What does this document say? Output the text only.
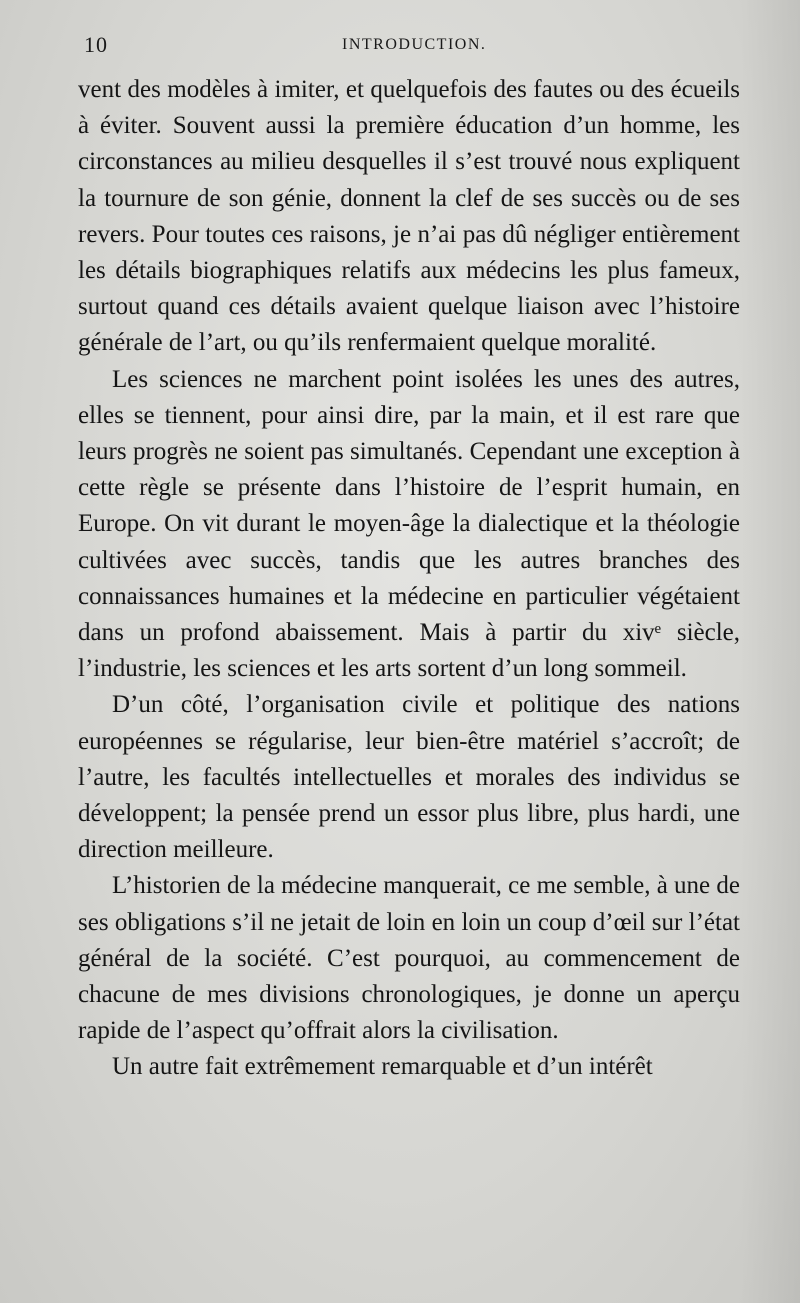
10	INTRODUCTION.

vent des modèles à imiter, et quelquefois des fautes ou des écueils à éviter. Souvent aussi la première éducation d’un homme, les circonstances au milieu desquelles il s’est trouvé nous expliquent la tournure de son génie, donnent la clef de ses succès ou de ses revers. Pour toutes ces raisons, je n’ai pas dû négliger entièrement les détails biographiques relatifs aux médecins les plus fameux, surtout quand ces détails avaient quelque liaison avec l’histoire générale de l’art, ou qu’ils renfermaient quelque moralité.

Les sciences ne marchent point isolées les unes des autres, elles se tiennent, pour ainsi dire, par la main, et il est rare que leurs progrès ne soient pas simultanés. Cependant une exception à cette règle se présente dans l’histoire de l’esprit humain, en Europe. On vit durant le moyen-âge la dialectique et la théologie cultivées avec succès, tandis que les autres branches des connaissances humaines et la médecine en particulier végétaient dans un profond abaissement. Mais à partir du xivᵉ siècle, l’industrie, les sciences et les arts sortent d’un long sommeil.

D’un côté, l’organisation civile et politique des nations européennes se régularise, leur bien-être matériel s’accroît; de l’autre, les facultés intellectuelles et morales des individus se développent; la pensée prend un essor plus libre, plus hardi, une direction meilleure.

L’historien de la médecine manquerait, ce me semble, à une de ses obligations s’il ne jetait de loin en loin un coup d’œil sur l’état général de la société. C’est pourquoi, au commencement de chacune de mes divisions chronologiques, je donne un aperçu rapide de l’aspect qu’offrait alors la civilisation.

Un autre fait extrêmement remarquable et d’un intérêt
